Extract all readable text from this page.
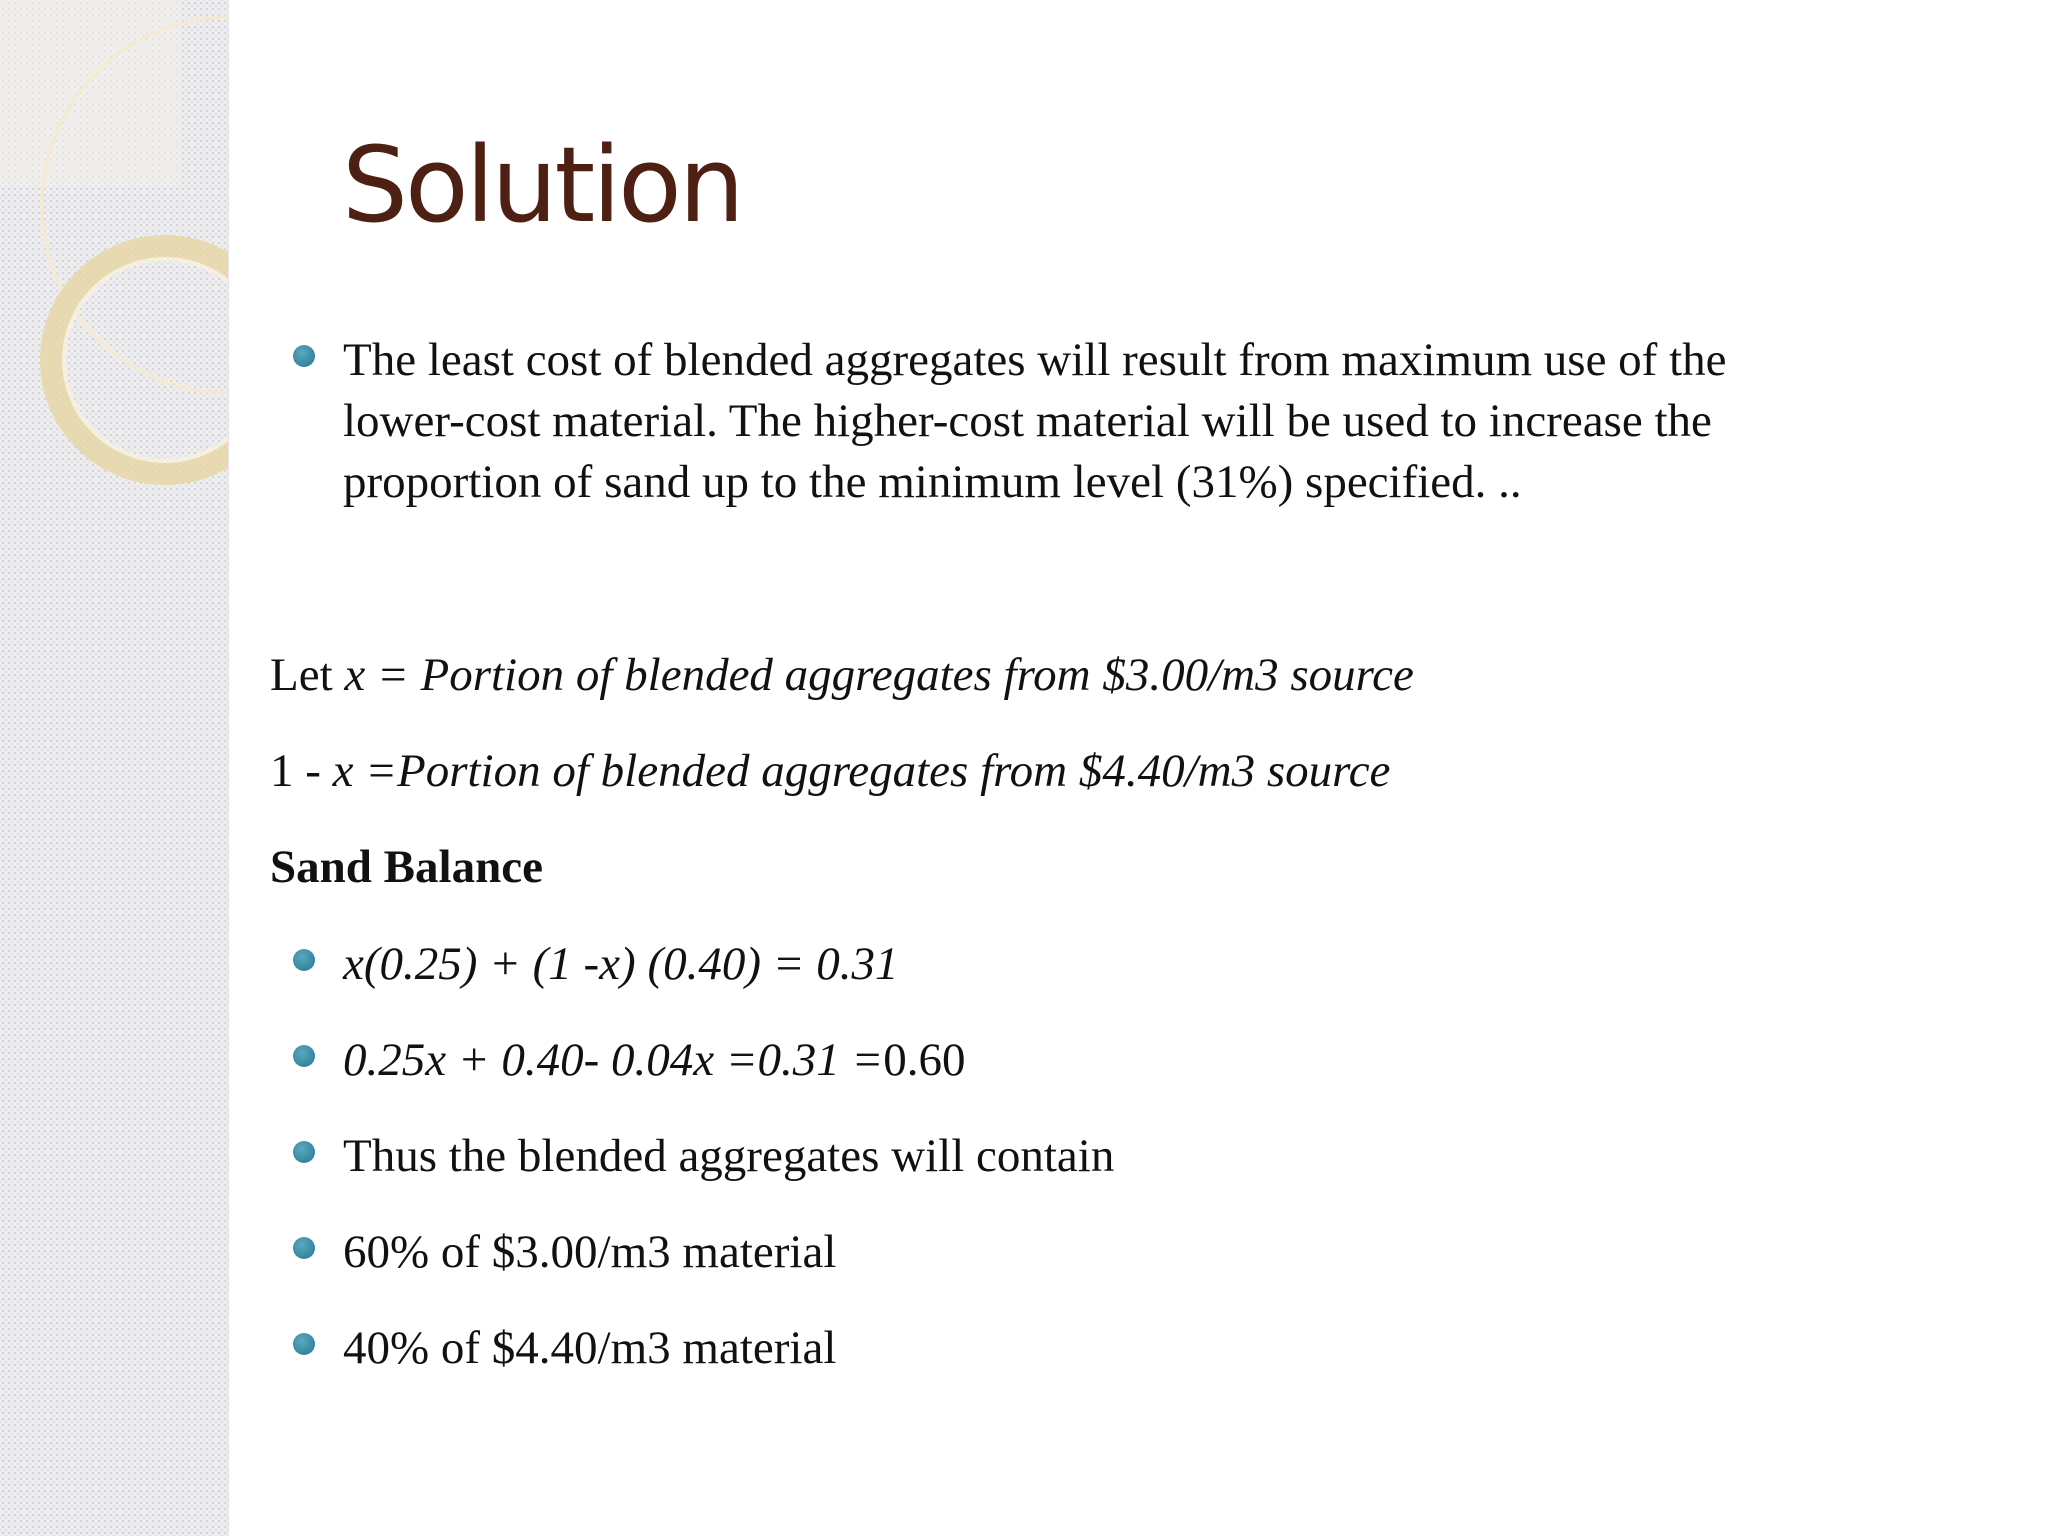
Solution
The least cost of blended aggregates will result from maximum use of the
lower-cost material. The higher-cost material will be used to increase the
proportion of sand up to the minimum level (31%) specified. ..
Let x = Portion of blended aggregates from $3.00/m3 source
1 - x =Portion of blended aggregates from $4.40/m3 source
Sand Balance
x(0.25) + (1 -x) (0.40) = 0.31
0.25x + 0.40- 0.04x =0.31 =0.60
Thus the blended aggregates will contain
60% of $3.00/m3 material
40% of $4.40/m3 material
